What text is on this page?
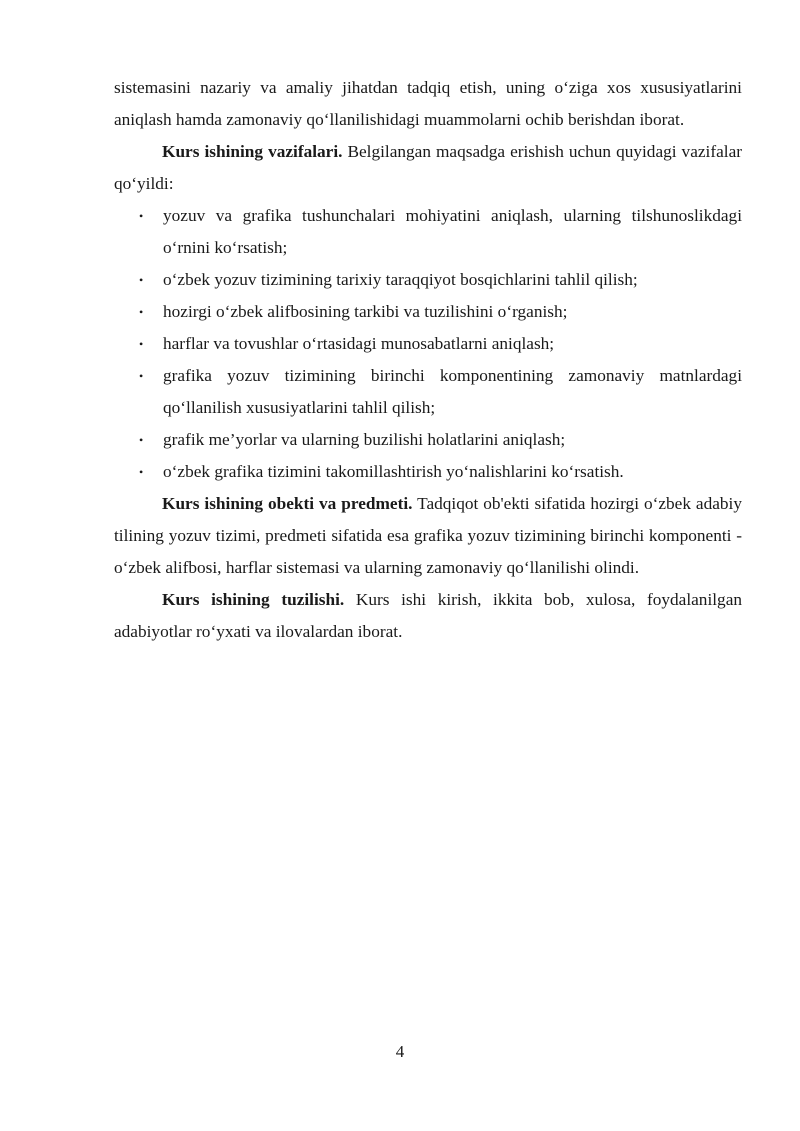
sistemasini nazariy va amaliy jihatdan tadqiq etish, uning o‘ziga xos xususiyatlarini aniqlash hamda zamonaviy qo‘llanilishidagi muammolarni ochib berishdan iborat.

Kurs ishining vazifalari. Belgilangan maqsadga erishish uchun quyidagi vazifalar qo‘yildi:

• yozuv va grafika tushunchalari mohiyatini aniqlash, ularning tilshunoslikdagi o‘rnini ko‘rsatish;
• o‘zbek yozuv tizimining tarixiy taraqqiyot bosqichlarini tahlil qilish;
• hozirgi o‘zbek alifbosining tarkibi va tuzilishini o‘rganish;
• harflar va tovushlar o‘rtasidagi munosabatlarni aniqlash;
• grafika yozuv tizimining birinchi komponentining zamonaviy matnlardagi qo‘llanilish xususiyatlarini tahlil qilish;
• grafik me’yorlar va ularning buzilishi holatlarini aniqlash;
• o‘zbek grafika tizimini takomillashtirish yo‘nalishlarini ko‘rsatish.

Kurs ishining obekti va predmeti. Tadqiqot ob'ekti sifatida hozirgi o‘zbek adabiy tilining yozuv tizimi, predmeti sifatida esa grafika yozuv tizimining birinchi komponenti - o‘zbek alifbosi, harflar sistemasi va ularning zamonaviy qo‘llanilishi olindi.

Kurs ishining tuzilishi. Kurs ishi kirish, ikkita bob, xulosa, foydalanilgan adabiyotlar ro‘yxati va ilovalardan iborat.

4
